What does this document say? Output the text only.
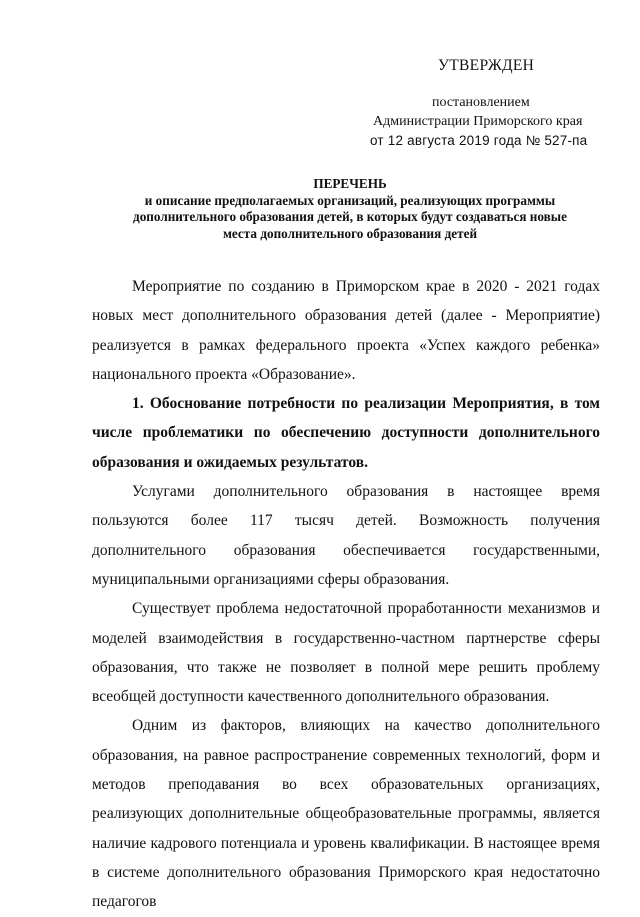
УТВЕРЖДЕН
постановлением
Администрации Приморского края
от 12 августа 2019 года № 527-па
ПЕРЕЧЕНЬ
и описание предполагаемых организаций, реализующих программы
дополнительного образования детей, в которых будут создаваться новые
места дополнительного образования детей

Мероприятие по созданию в Приморском крае в 2020 - 2021 годах новых мест дополнительного образования детей (далее - Мероприятие) реализуется в рамках федерального проекта «Успех каждого ребенка» национального проекта «Образование».

1. Обоснование потребности по реализации Мероприятия, в том числе проблематики по обеспечению доступности дополнительного образования и ожидаемых результатов.

Услугами дополнительного образования в настоящее время пользуются более 117 тысяч детей. Возможность получения дополнительного образования обеспечивается государственными, муниципальными организациями сферы образования.

Существует проблема недостаточной проработанности механизмов и моделей взаимодействия в государственно-частном партнерстве сферы образования, что также не позволяет в полной мере решить проблему всеобщей доступности качественного дополнительного образования.

Одним из факторов, влияющих на качество дополнительного образования, на равное распространение современных технологий, форм и методов преподавания во всех образовательных организациях, реализующих дополнительные общеобразовательные программы, является наличие кадрового потенциала и уровень квалификации. В настоящее время в системе дополнительного образования Приморского края недостаточно педагогов
